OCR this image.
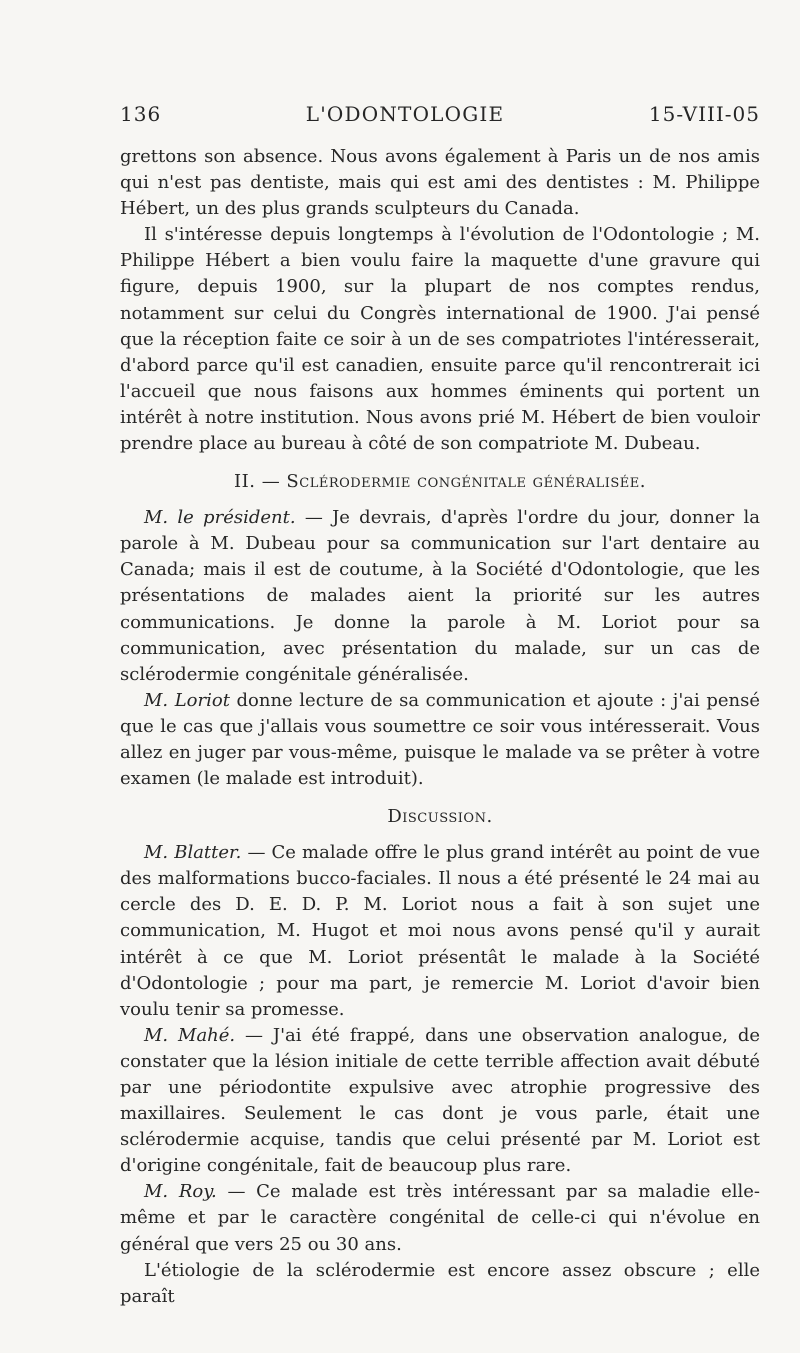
136	L'ODONTOLOGIE	15-VIII-05

grettons son absence. Nous avons également à Paris un de nos amis qui n'est pas dentiste, mais qui est ami des dentistes : M. Philippe Hébert, un des plus grands sculpteurs du Canada.

Il s'intéresse depuis longtemps à l'évolution de l'Odontologie ; M. Philippe Hébert a bien voulu faire la maquette d'une gravure qui figure, depuis 1900, sur la plupart de nos comptes rendus, notamment sur celui du Congrès international de 1900. J'ai pensé que la réception faite ce soir à un de ses compatriotes l'intéresserait, d'abord parce qu'il est canadien, ensuite parce qu'il rencontrerait ici l'accueil que nous faisons aux hommes éminents qui portent un intérêt à notre institution. Nous avons prié M. Hébert de bien vouloir prendre place au bureau à côté de son compatriote M. Dubeau.

II. — Sclérodermie congénitale généralisée.

M. le président. — Je devrais, d'après l'ordre du jour, donner la parole à M. Dubeau pour sa communication sur l'art dentaire au Canada; mais il est de coutume, à la Société d'Odontologie, que les présentations de malades aient la priorité sur les autres communications. Je donne la parole à M. Loriot pour sa communication, avec présentation du malade, sur un cas de sclérodermie congénitale généralisée.

M. Loriot donne lecture de sa communication et ajoute : j'ai pensé que le cas que j'allais vous soumettre ce soir vous intéresserait. Vous allez en juger par vous-même, puisque le malade va se prêter à votre examen (le malade est introduit).

Discussion.

M. Blatter. — Ce malade offre le plus grand intérêt au point de vue des malformations bucco-faciales. Il nous a été présenté le 24 mai au cercle des D. E. D. P. M. Loriot nous a fait à son sujet une communication, M. Hugot et moi nous avons pensé qu'il y aurait intérêt à ce que M. Loriot présentât le malade à la Société d'Odontologie ; pour ma part, je remercie M. Loriot d'avoir bien voulu tenir sa promesse.

M. Mahé. — J'ai été frappé, dans une observation analogue, de constater que la lésion initiale de cette terrible affection avait débuté par une périodontite expulsive avec atrophie progressive des maxillaires. Seulement le cas dont je vous parle, était une sclérodermie acquise, tandis que celui présenté par M. Loriot est d'origine congénitale, fait de beaucoup plus rare.

M. Roy. — Ce malade est très intéressant par sa maladie elle-même et par le caractère congénital de celle-ci qui n'évolue en général que vers 25 ou 30 ans.

L'étiologie de la sclérodermie est encore assez obscure ; elle paraît
